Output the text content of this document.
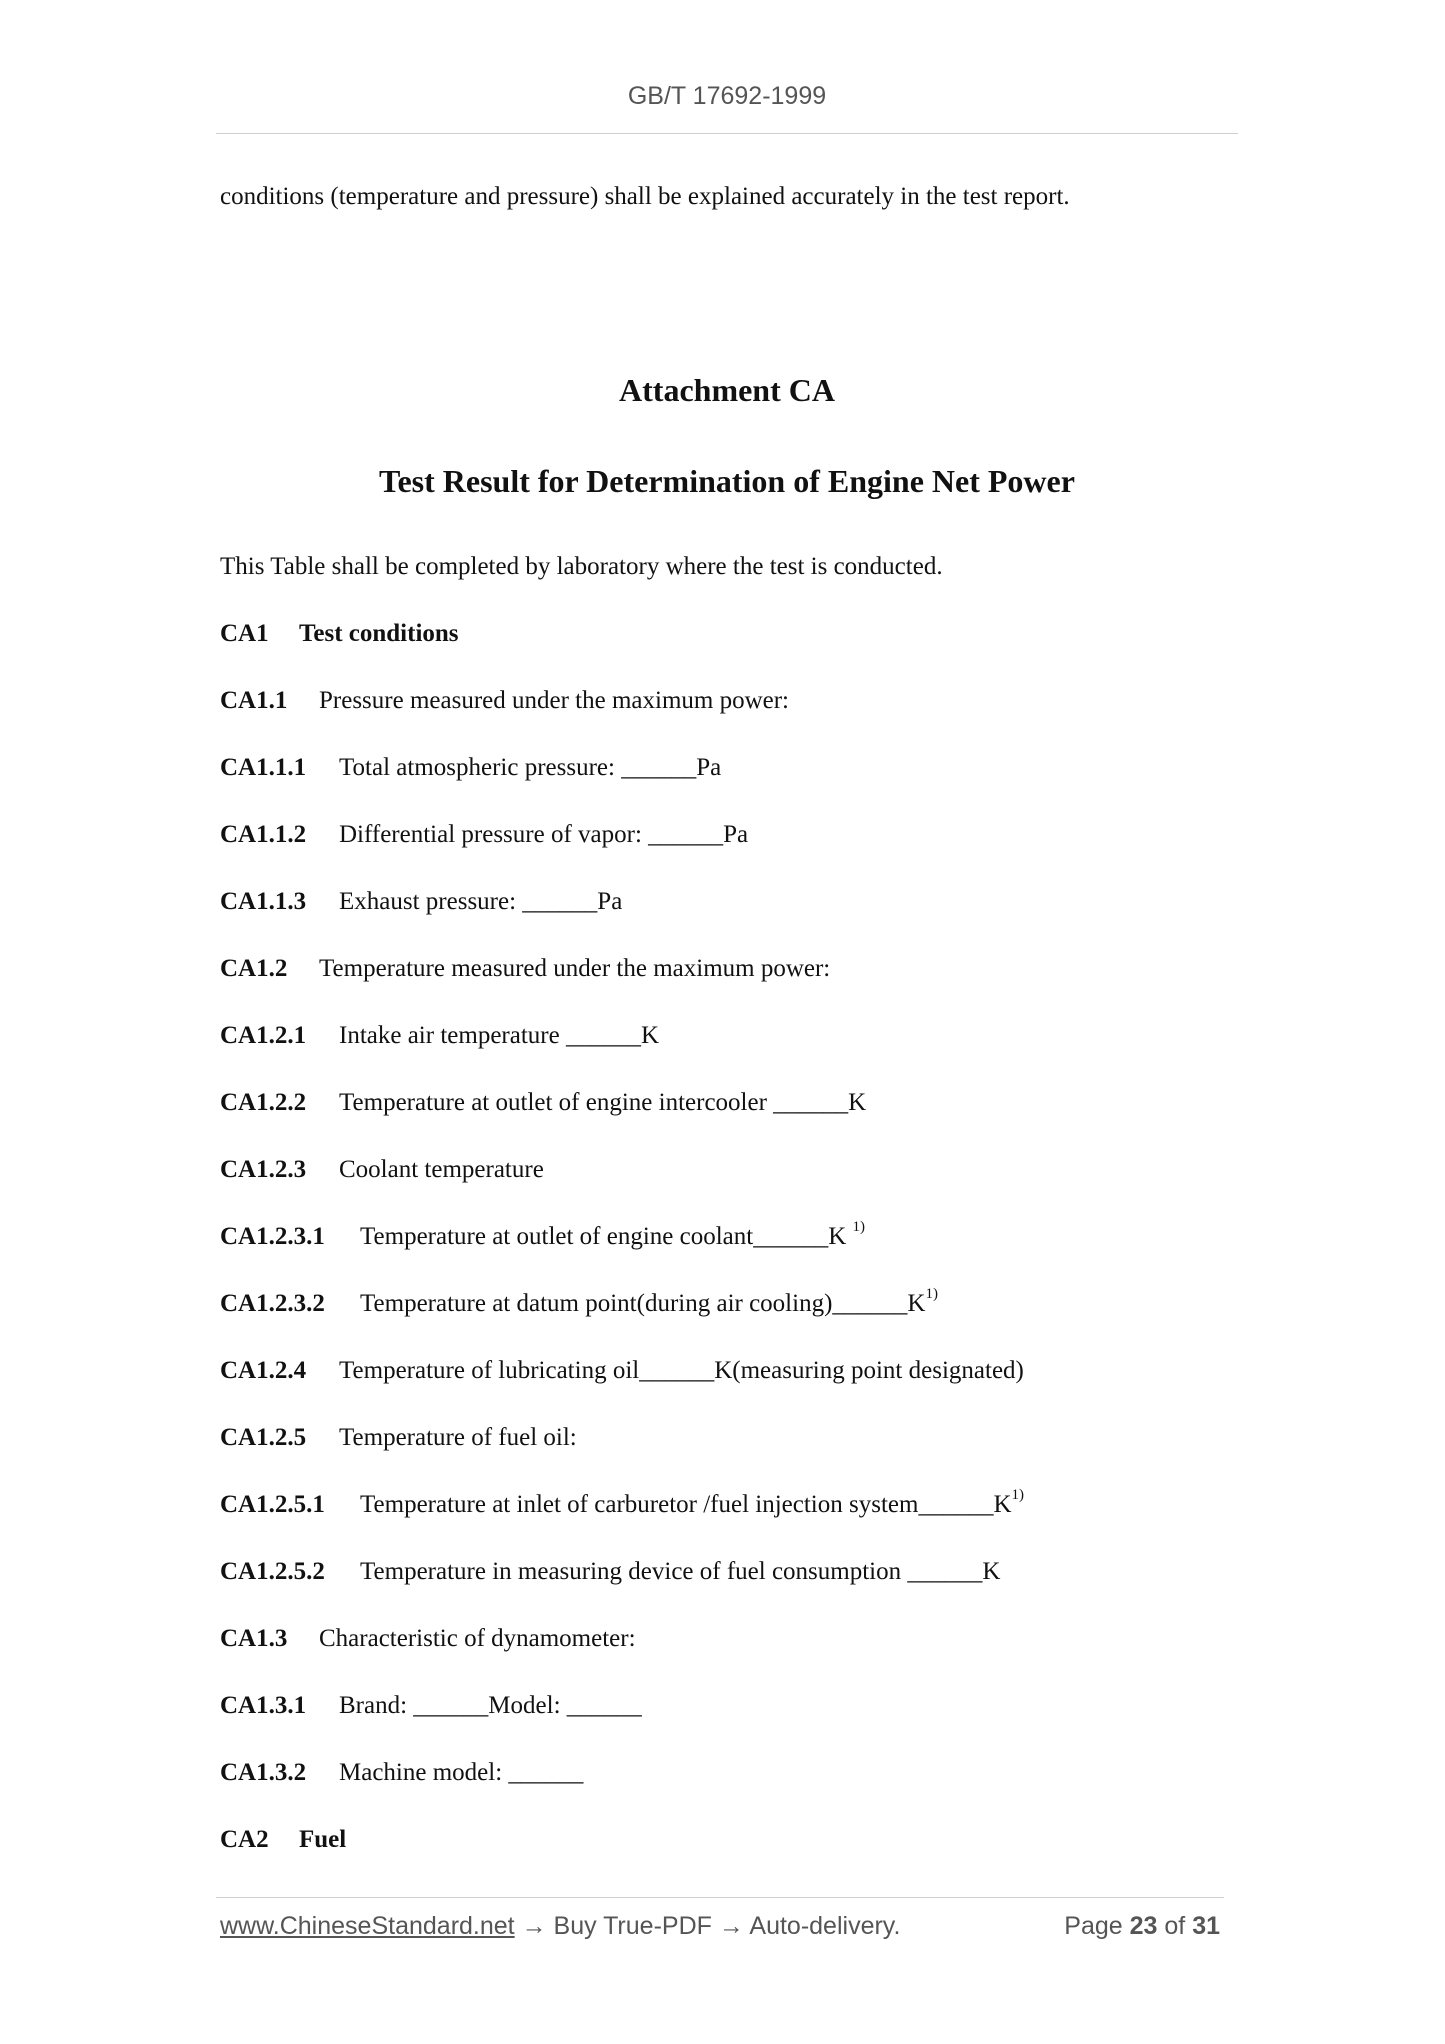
GB/T 17692-1999
conditions (temperature and pressure) shall be explained accurately in the test report.
Attachment CA
Test Result for Determination of Engine Net Power
This Table shall be completed by laboratory where the test is conducted.
CA1 Test conditions
CA1.1 Pressure measured under the maximum power:
CA1.1.1 Total atmospheric pressure: ______Pa
CA1.1.2 Differential pressure of vapor: ______Pa
CA1.1.3 Exhaust pressure: ______Pa
CA1.2 Temperature measured under the maximum power:
CA1.2.1 Intake air temperature ______K
CA1.2.2 Temperature at outlet of engine intercooler ______K
CA1.2.3 Coolant temperature
CA1.2.3.1 Temperature at outlet of engine coolant______K $^{1)}$
CA1.2.3.2 Temperature at datum point(during air $cooling)\_\_\_\_\_\_K^{1)}$
CA1.2.4 Temperature of lubricating oil______K(measuring point designated)
CA1.2.5 Temperature of fuel oil:
CA1.2.5.1 Temperature at inlet of carburetor /fuel injection $system\_\_\_\_\_\_K^{1)}$
CA1.2.5.2 Temperature in measuring device of fuel consumption ______K
CA1.3 Characteristic of dynamometer:
CA1.3.1 Brand: ______Model: ______
CA1.3.2 Machine model: ______
CA2 Fuel
www.ChineseStandard.net → Buy True-PDF → Auto-delivery.	Page 23 of 31
